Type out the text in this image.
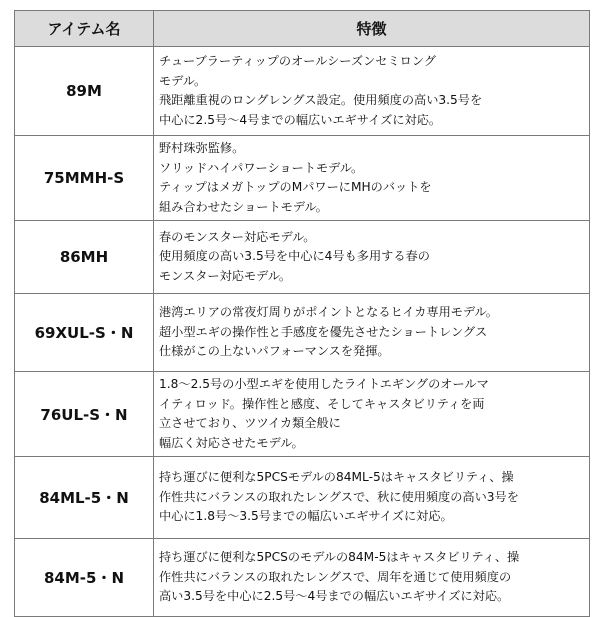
アイテム名	特徴
89M	チューブラーティップのオールシーズンセミロング
モデル。
飛距離重視のロングレングス設定。使用頻度の高い3.5号を
中心に2.5号〜4号までの幅広いエギサイズに対応。

75MMH-S	野村珠弥監修。
ソリッドハイパワーショートモデル。
ティップはメガトップのMパワーにMHのバットを
組み合わせたショートモデル。

86MH	春のモンスター対応モデル。
使用頻度の高い3.5号を中心に4号も多用する春の
モンスター対応モデル。

69XUL-S・N	港湾エリアの常夜灯周りがポイントとなるヒイカ専用モデル。
超小型エギの操作性と手感度を優先させたショートレングス
仕様がこの上ないパフォーマンスを発揮。

76UL-S・N	1.8〜2.5号の小型エギを使用したライトエギングのオールマ
イティロッド。操作性と感度、そしてキャスタビリティを両
立させており、ツツイカ類全般に
幅広く対応させたモデル。

84ML-5・N	持ち運びに便利な5PCSモデルの84ML-5はキャスタビリティ、操
作性共にバランスの取れたレングスで、秋に使用頻度の高い3号を
中心に1.8号〜3.5号までの幅広いエギサイズに対応。

84M-5・N	持ち運びに便利な5PCSのモデルの84M-5はキャスタビリティ、操
作性共にバランスの取れたレングスで、周年を通じて使用頻度の
高い3.5号を中心に2.5号〜4号までの幅広いエギサイズに対応。
